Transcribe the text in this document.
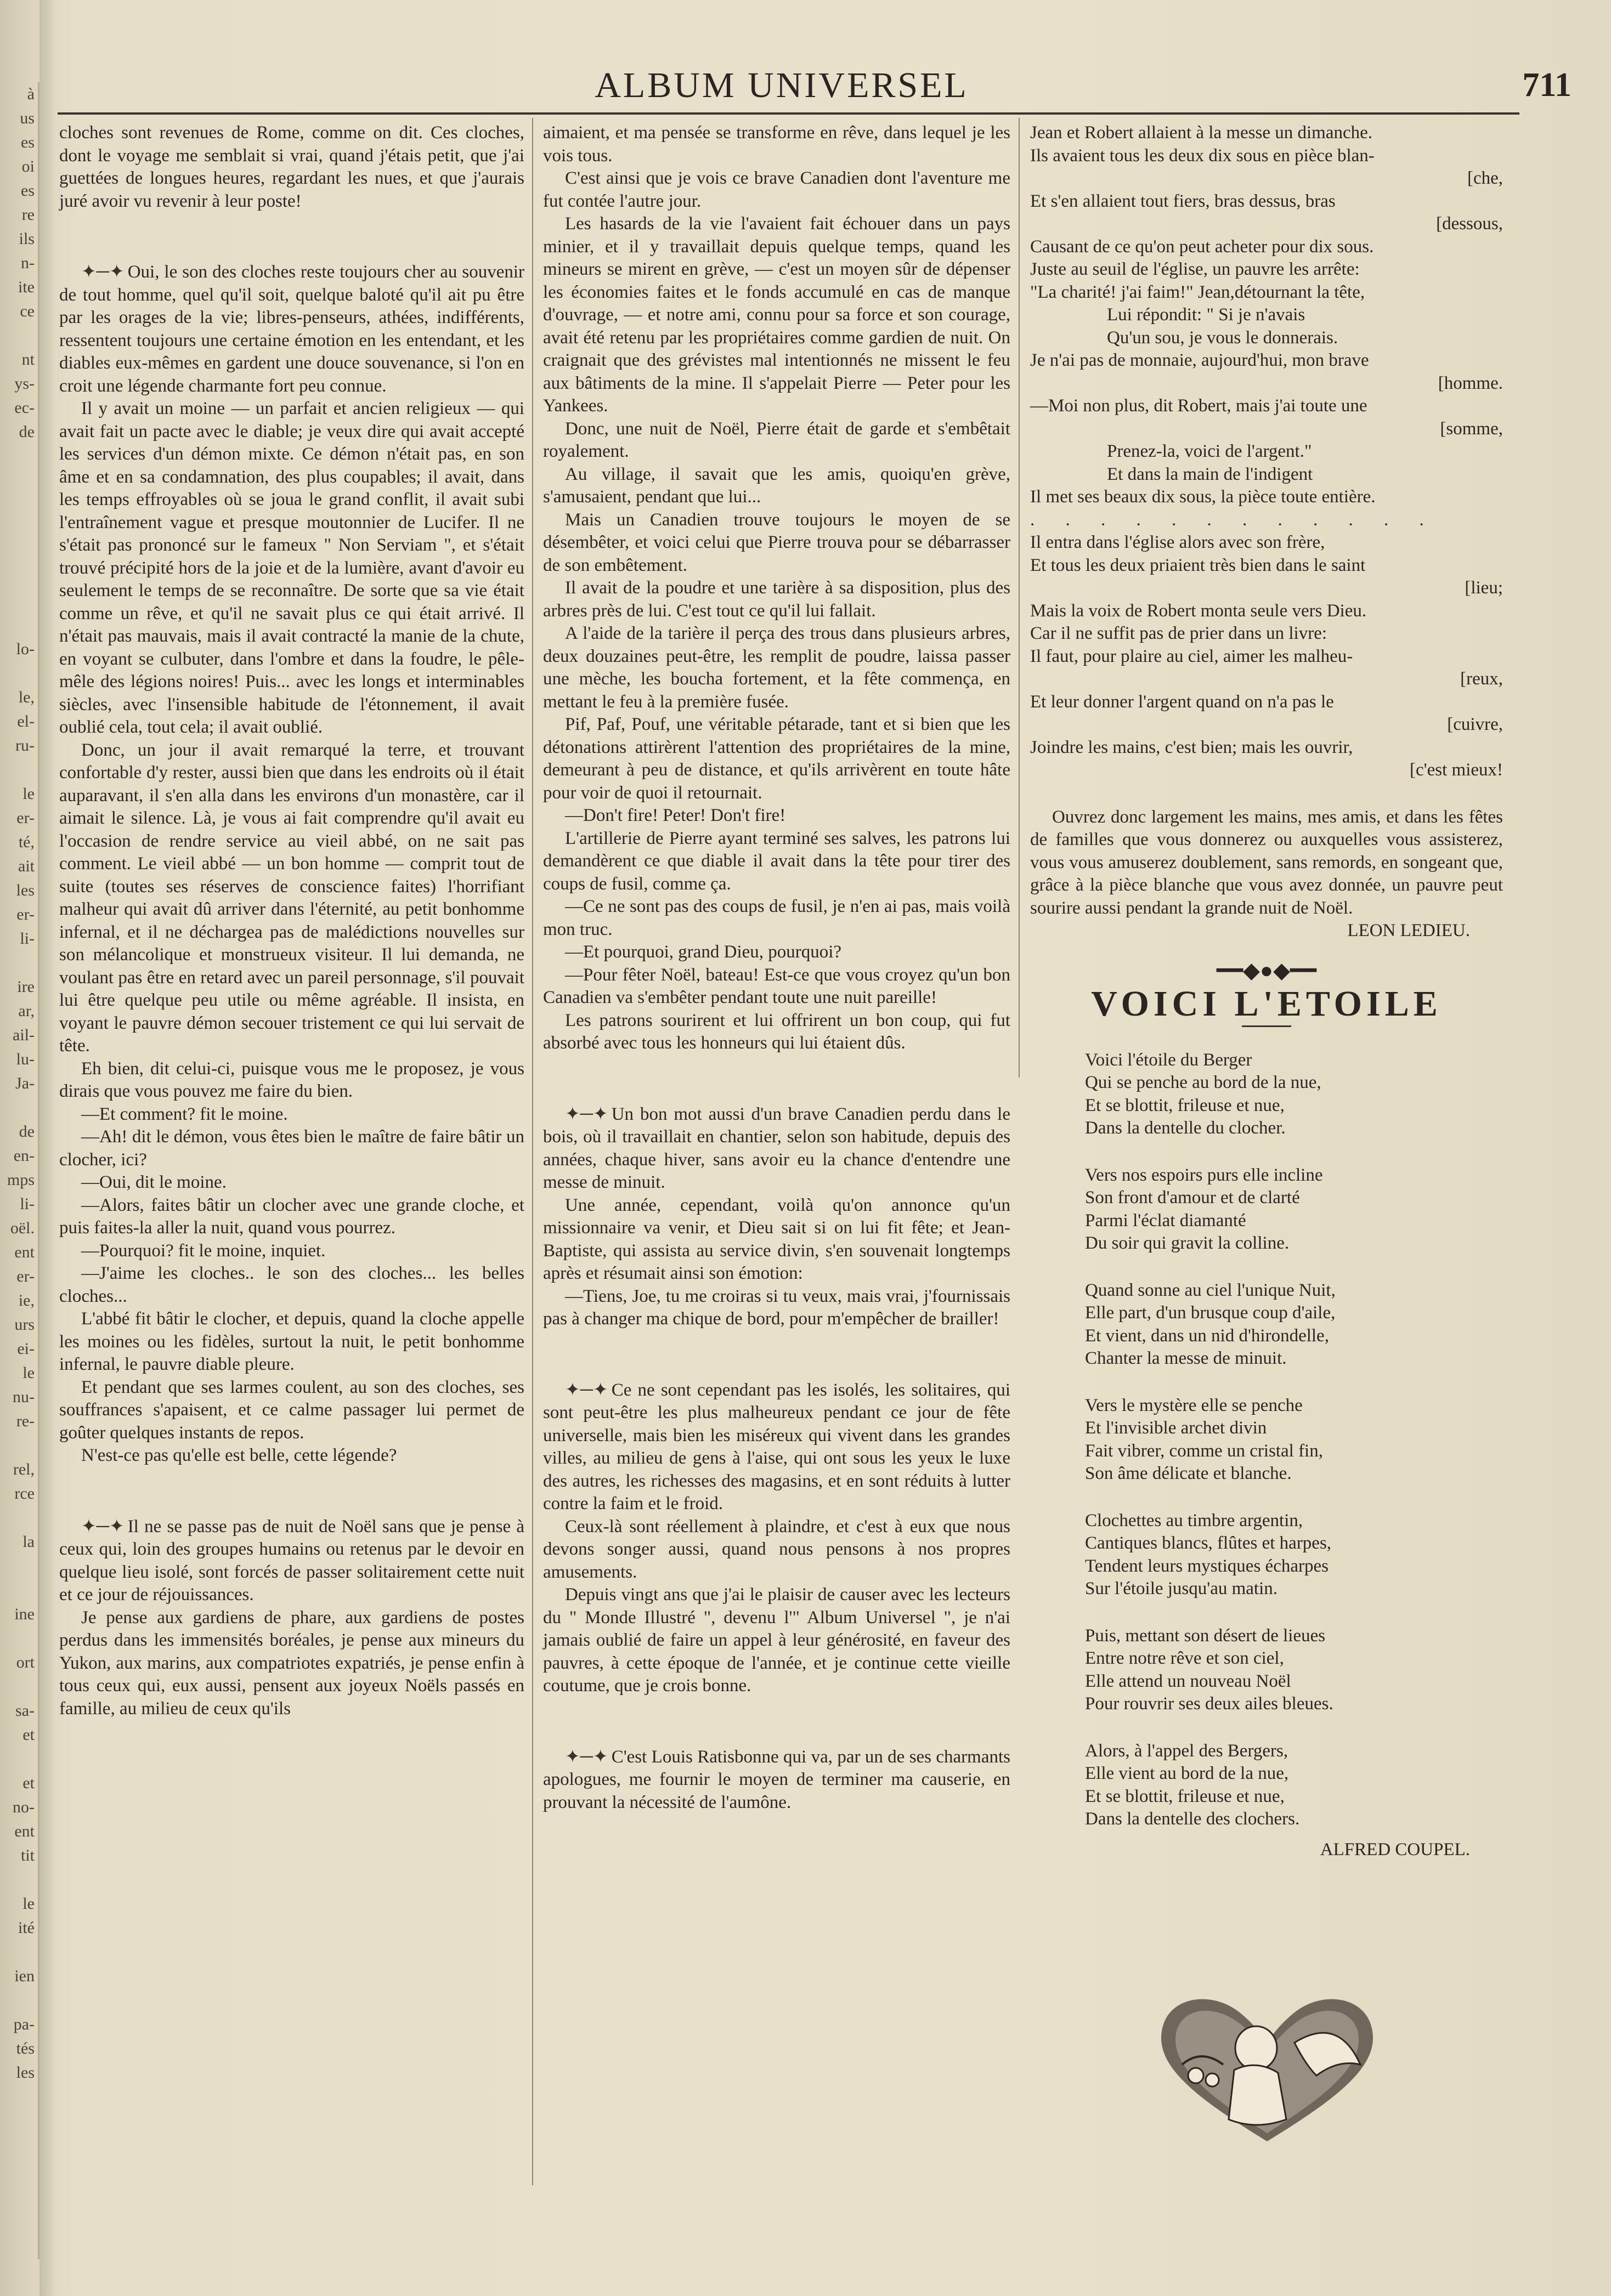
à
us
es
oi
es
re
ils
n-
ite
ce
nt
ys-
ec-
de
lo-
le,
el-
ru-
le
er-
té,
ait
les
er-
li-
ire
ar,
ail-
lu-
Ja-
de
en-
mps
li-
oël.
ent
er-
ie,
urs
ei-
le
nu-
re-
rel,
rce
la
ine
ort
sa-
et
et
no-
ent
tit
le
ité
ien
pa-
tés
les
ALBUM UNIVERSEL	711

cloches sont revenues de Rome, comme on dit. Ces cloches, dont le voyage me semblait si vrai, quand j'étais petit, que j'ai guettées de longues heures, regardant les nues, et que j'aurais juré avoir vu revenir à leur poste!

✦─✦ Oui, le son des cloches reste toujours cher au souvenir de tout homme, quel qu'il soit, quelque baloté qu'il ait pu être par les orages de la vie; libres-penseurs, athées, indifférents, ressentent toujours une certaine émotion en les entendant, et les diables eux-mêmes en gardent une douce souvenance, si l'on en croit une légende charmante fort peu connue.

Il y avait un moine — un parfait et ancien religieux — qui avait fait un pacte avec le diable; je veux dire qui avait accepté les services d'un démon mixte. Ce démon n'était pas, en son âme et en sa condamnation, des plus coupables; il avait, dans les temps effroyables où se joua le grand conflit, il avait subi l'entraînement vague et presque moutonnier de Lucifer. Il ne s'était pas prononcé sur le fameux " Non Serviam ", et s'était trouvé précipité hors de la joie et de la lumière, avant d'avoir eu seulement le temps de se reconnaître. De sorte que sa vie était comme un rêve, et qu'il ne savait plus ce qui était arrivé. Il n'était pas mauvais, mais il avait contracté la manie de la chute, en voyant se culbuter, dans l'ombre et dans la foudre, le pêle-mêle des légions noires! Puis... avec les longs et interminables siècles, avec l'insensible habitude de l'étonnement, il avait oublié cela, tout cela; il avait oublié.

Donc, un jour il avait remarqué la terre, et trouvant confortable d'y rester, aussi bien que dans les endroits où il était auparavant, il s'en alla dans les environs d'un monastère, car il aimait le silence. Là, je vous ai fait comprendre qu'il avait eu l'occasion de rendre service au vieil abbé, on ne sait pas comment. Le vieil abbé — un bon homme — comprit tout de suite (toutes ses réserves de conscience faites) l'horrifiant malheur qui avait dû arriver dans l'éternité, au petit bonhomme infernal, et il ne déchargea pas de malédictions nouvelles sur son mélancolique et monstrueux visiteur. Il lui demanda, ne voulant pas être en retard avec un pareil personnage, s'il pouvait lui être quelque peu utile ou même agréable. Il insista, en voyant le pauvre démon secouer tristement ce qui lui servait de tête.

Eh bien, dit celui-ci, puisque vous me le proposez, je vous dirais que vous pouvez me faire du bien.

—Et comment? fit le moine.

—Ah! dit le démon, vous êtes bien le maître de faire bâtir un clocher, ici?

—Oui, dit le moine.

—Alors, faites bâtir un clocher avec une grande cloche, et puis faites-la aller la nuit, quand vous pourrez.

—Pourquoi? fit le moine, inquiet.

—J'aime les cloches.. le son des cloches... les belles cloches...

L'abbé fit bâtir le clocher, et depuis, quand la cloche appelle les moines ou les fidèles, surtout la nuit, le petit bonhomme infernal, le pauvre diable pleure.

Et pendant que ses larmes coulent, au son des cloches, ses souffrances s'apaisent, et ce calme passager lui permet de goûter quelques instants de repos.

N'est-ce pas qu'elle est belle, cette légende?

✦─✦ Il ne se passe pas de nuit de Noël sans que je pense à ceux qui, loin des groupes humains ou retenus par le devoir en quelque lieu isolé, sont forcés de passer solitairement cette nuit et ce jour de réjouissances.

Je pense aux gardiens de phare, aux gardiens de postes perdus dans les immensités boréales, je pense aux mineurs du Yukon, aux marins, aux compatriotes expatriés, je pense enfin à tous ceux qui, eux aussi, pensent aux joyeux Noëls passés en famille, au milieu de ceux qu'ils

aimaient, et ma pensée se transforme en rêve, dans lequel je les vois tous.

C'est ainsi que je vois ce brave Canadien dont l'aventure me fut contée l'autre jour.

Les hasards de la vie l'avaient fait échouer dans un pays minier, et il y travaillait depuis quelque temps, quand les mineurs se mirent en grève, — c'est un moyen sûr de dépenser les économies faites et le fonds accumulé en cas de manque d'ouvrage, — et notre ami, connu pour sa force et son courage, avait été retenu par les propriétaires comme gardien de nuit. On craignait que des grévistes mal intentionnés ne missent le feu aux bâtiments de la mine. Il s'appelait Pierre — Peter pour les Yankees.

Donc, une nuit de Noël, Pierre était de garde et s'embêtait royalement.

Au village, il savait que les amis, quoiqu'en grève, s'amusaient, pendant que lui...

Mais un Canadien trouve toujours le moyen de se désembêter, et voici celui que Pierre trouva pour se débarrasser de son embêtement.

Il avait de la poudre et une tarière à sa disposition, plus des arbres près de lui. C'est tout ce qu'il lui fallait.

A l'aide de la tarière il perça des trous dans plusieurs arbres, deux douzaines peut-être, les remplit de poudre, laissa passer une mèche, les boucha fortement, et la fête commença, en mettant le feu à la première fusée.

Pif, Paf, Pouf, une véritable pétarade, tant et si bien que les détonations attirèrent l'attention des propriétaires de la mine, demeurant à peu de distance, et qu'ils arrivèrent en toute hâte pour voir de quoi il retournait.

—Don't fire! Peter! Don't fire!

L'artillerie de Pierre ayant terminé ses salves, les patrons lui demandèrent ce que diable il avait dans la tête pour tirer des coups de fusil, comme ça.

—Ce ne sont pas des coups de fusil, je n'en ai pas, mais voilà mon truc.

—Et pourquoi, grand Dieu, pourquoi?

—Pour fêter Noël, bateau! Est-ce que vous croyez qu'un bon Canadien va s'embêter pendant toute une nuit pareille!

Les patrons sourirent et lui offrirent un bon coup, qui fut absorbé avec tous les honneurs qui lui étaient dûs.

✦─✦ Un bon mot aussi d'un brave Canadien perdu dans le bois, où il travaillait en chantier, selon son habitude, depuis des années, chaque hiver, sans avoir eu la chance d'entendre une messe de minuit.

Une année, cependant, voilà qu'on annonce qu'un missionnaire va venir, et Dieu sait si on lui fit fête; et Jean-Baptiste, qui assista au service divin, s'en souvenait longtemps après et résumait ainsi son émotion:

—Tiens, Joe, tu me croiras si tu veux, mais vrai, j'fournissais pas à changer ma chique de bord, pour m'empêcher de brailler!

✦─✦ Ce ne sont cependant pas les isolés, les solitaires, qui sont peut-être les plus malheureux pendant ce jour de fête universelle, mais bien les miséreux qui vivent dans les grandes villes, au milieu de gens à l'aise, qui ont sous les yeux le luxe des autres, les richesses des magasins, et en sont réduits à lutter contre la faim et le froid.

Ceux-là sont réellement à plaindre, et c'est à eux que nous devons songer aussi, quand nous pensons à nos propres amusements.

Depuis vingt ans que j'ai le plaisir de causer avec les lecteurs du " Monde Illustré ", devenu l'" Album Universel ", je n'ai jamais oublié de faire un appel à leur générosité, en faveur des pauvres, à cette époque de l'année, et je continue cette vieille coutume, que je crois bonne.

✦─✦ C'est Louis Ratisbonne qui va, par un de ses charmants apologues, me fournir le moyen de terminer ma causerie, en prouvant la nécessité de l'aumône.

Jean et Robert allaient à la messe un dimanche.

Ils avaient tous les deux dix sous en pièce blan-

[che,

Et s'en allaient tout fiers, bras dessus, bras

[dessous,

Causant de ce qu'on peut acheter pour dix sous.

Juste au seuil de l'église, un pauvre les arrête:

"La charité! j'ai faim!" Jean,détournant la tête,

Lui répondit: " Si je n'avais

Qu'un sou, je vous le donnerais.

Je n'ai pas de monnaie, aujourd'hui, mon brave

[homme.

—Moi non plus, dit Robert, mais j'ai toute une

[somme,

Prenez-la, voici de l'argent."

Et dans la main de l'indigent

Il met ses beaux dix sous, la pièce toute entière.

. . . . . . . . . . . .

Il entra dans l'église alors avec son frère,

Et tous les deux priaient très bien dans le saint

[lieu;

Mais la voix de Robert monta seule vers Dieu.

Car il ne suffit pas de prier dans un livre:

Il faut, pour plaire au ciel, aimer les malheu-

[reux,

Et leur donner l'argent quand on n'a pas le

[cuivre,

Joindre les mains, c'est bien; mais les ouvrir,

[c'est mieux!

Ouvrez donc largement les mains, mes amis, et dans les fêtes de familles que vous donnerez ou auxquelles vous assisterez, vous vous amuserez doublement, sans remords, en songeant que, grâce à la pièce blanche que vous avez donnée, un pauvre peut sourire aussi pendant la grande nuit de Noël.

LEON LEDIEU.

━━◆●◆━━
VOICI L'ETOILE
Voici l'étoile du Berger
Qui se penche au bord de la nue,
Et se blottit, frileuse et nue,
Dans la dentelle du clocher.
Vers nos espoirs purs elle incline
Son front d'amour et de clarté
Parmi l'éclat diamanté
Du soir qui gravit la colline.
Quand sonne au ciel l'unique Nuit,
Elle part, d'un brusque coup d'aile,
Et vient, dans un nid d'hirondelle,
Chanter la messe de minuit.
Vers le mystère elle se penche
Et l'invisible archet divin
Fait vibrer, comme un cristal fin,
Son âme délicate et blanche.
Clochettes au timbre argentin,
Cantiques blancs, flûtes et harpes,
Tendent leurs mystiques écharpes
Sur l'étoile jusqu'au matin.
Puis, mettant son désert de lieues
Entre notre rêve et son ciel,
Elle attend un nouveau Noël
Pour rouvrir ses deux ailes bleues.
Alors, à l'appel des Bergers,
Elle vient au bord de la nue,
Et se blottit, frileuse et nue,
Dans la dentelle des clochers.

ALFRED COUPEL.
